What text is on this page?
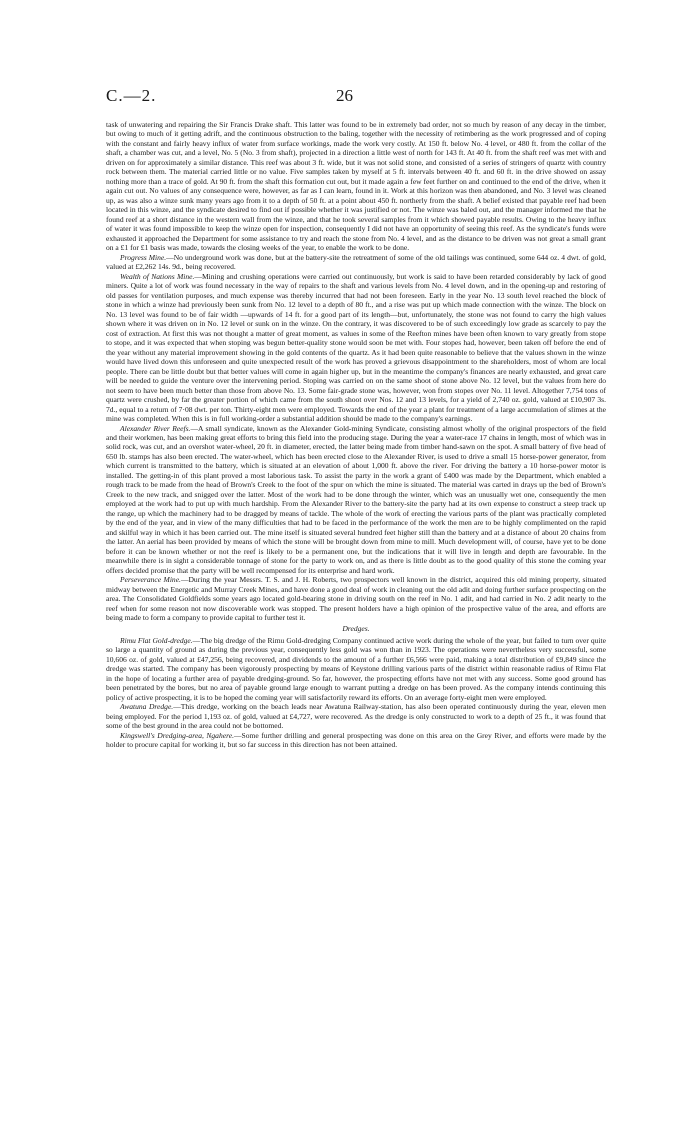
C.—2.	26

task of unwatering and repairing the Sir Francis Drake shaft. This latter was found to be in extremely bad order, not so much by reason of any decay in the timber, but owing to much of it getting adrift, and the continuous obstruction to the baling, together with the necessity of retimbering as the work progressed and of coping with the constant and fairly heavy influx of water from surface workings, made the work very costly. At 150 ft. below No. 4 level, or 480 ft. from the collar of the shaft, a chamber was cut, and a level, No. 5 (No. 3 from shaft), projected in a direction a little west of north for 143 ft. At 40 ft. from the shaft reef was met with and driven on for approximately a similar distance. This reef was about 3 ft. wide, but it was not solid stone, and consisted of a series of stringers of quartz with country rock between them. The material carried little or no value. Five samples taken by myself at 5 ft. intervals between 40 ft. and 60 ft. in the drive showed on assay nothing more than a trace of gold. At 90 ft. from the shaft this formation cut out, but it made again a few feet further on and continued to the end of the drive, when it again cut out. No values of any consequence were, however, as far as I can learn, found in it. Work at this horizon was then abandoned, and No. 3 level was cleaned up, as was also a winze sunk many years ago from it to a depth of 50 ft. at a point about 450 ft. northerly from the shaft. A belief existed that payable reef had been located in this winze, and the syndicate desired to find out if possible whether it was justified or not. The winze was baled out, and the manager informed me that he found reef at a short distance in the western wall from the winze, and that he took several samples from it which showed payable results. Owing to the heavy influx of water it was found impossible to keep the winze open for inspection, consequently I did not have an opportunity of seeing this reef. As the syndicate's funds were exhausted it approached the Department for some assistance to try and reach the stone from No. 4 level, and as the distance to be driven was not great a small grant on a £1 for £1 basis was made, towards the closing weeks of the year, to enable the work to be done.

Progress Mine.—No underground work was done, but at the battery-site the retreatment of some of the old tailings was continued, some 644 oz. 4 dwt. of gold, valued at £2,262 14s. 9d., being recovered.

Wealth of Nations Mine.—Mining and crushing operations were carried out continuously, but work is said to have been retarded considerably by lack of good miners. Quite a lot of work was found necessary in the way of repairs to the shaft and various levels from No. 4 level down, and in the opening-up and restoring of old passes for ventilation purposes, and much expense was thereby incurred that had not been foreseen. Early in the year No. 13 south level reached the block of stone in which a winze had previously been sunk from No. 12 level to a depth of 80 ft., and a rise was put up which made connection with the winze. The block on No. 13 level was found to be of fair width —upwards of 14 ft. for a good part of its length—but, unfortunately, the stone was not found to carry the high values shown where it was driven on in No. 12 level or sunk on in the winze. On the contrary, it was discovered to be of such exceedingly low grade as scarcely to pay the cost of extraction. At first this was not thought a matter of great moment, as values in some of the Reefton mines have been often known to vary greatly from stope to stope, and it was expected that when stoping was begun better-quality stone would soon be met with. Four stopes had, however, been taken off before the end of the year without any material improvement showing in the gold contents of the quartz. As it had been quite reasonable to believe that the values shown in the winze would have lived down this unforeseen and quite unexpected result of the work has proved a grievous disappointment to the shareholders, most of whom are local people. There can be little doubt but that better values will come in again higher up, but in the meantime the company's finances are nearly exhausted, and great care will be needed to guide the venture over the intervening period. Stoping was carried on on the same shoot of stone above No. 12 level, but the values from here do not seem to have been much better than those from above No. 13. Some fair-grade stone was, however, won from stopes over No. 11 level. Altogether 7,754 tons of quartz were crushed, by far the greater portion of which came from the south shoot over Nos. 12 and 13 levels, for a yield of 2,740 oz. gold, valued at £10,907 3s. 7d., equal to a return of 7·08 dwt. per ton. Thirty-eight men were employed. Towards the end of the year a plant for treatment of a large accumulation of slimes at the mine was completed. When this is in full working-order a substantial addition should be made to the company's earnings.

Alexander River Reefs.—A small syndicate, known as the Alexander Gold-mining Syndicate, consisting almost wholly of the original prospectors of the field and their workmen, has been making great efforts to bring this field into the producing stage. During the year a water-race 17 chains in length, most of which was in solid rock, was cut, and an overshot water-wheel, 20 ft. in diameter, erected, the latter being made from timber hand-sawn on the spot. A small battery of five head of 650 lb. stamps has also been erected. The water-wheel, which has been erected close to the Alexander River, is used to drive a small 15 horse-power generator, from which current is transmitted to the battery, which is situated at an elevation of about 1,000 ft. above the river. For driving the battery a 10 horse-power motor is installed. The getting-in of this plant proved a most laborious task. To assist the party in the work a grant of £400 was made by the Department, which enabled a rough track to be made from the head of Brown's Creek to the foot of the spur on which the mine is situated. The material was carted in drays up the bed of Brown's Creek to the new track, and snigged over the latter. Most of the work had to be done through the winter, which was an unusually wet one, consequently the men employed at the work had to put up with much hardship. From the Alexander River to the battery-site the party had at its own expense to construct a steep track up the range, up which the machinery had to be dragged by means of tackle. The whole of the work of erecting the various parts of the plant was practically completed by the end of the year, and in view of the many difficulties that had to be faced in the performance of the work the men are to be highly complimented on the rapid and skilful way in which it has been carried out. The mine itself is situated several hundred feet higher still than the battery and at a distance of about 20 chains from the latter. An aerial has been provided by means of which the stone will be brought down from mine to mill. Much development will, of course, have yet to be done before it can be known whether or not the reef is likely to be a permanent one, but the indications that it will live in length and depth are favourable. In the meanwhile there is in sight a considerable tonnage of stone for the party to work on, and as there is little doubt as to the good quality of this stone the coming year offers decided promise that the party will be well recompensed for its enterprise and hard work.

Perseverance Mine.—During the year Messrs. T. S. and J. H. Roberts, two prospectors well known in the district, acquired this old mining property, situated midway between the Energetic and Murray Creek Mines, and have done a good deal of work in cleaning out the old adit and doing further surface prospecting on the area. The Consolidated Goldfields some years ago located gold-bearing stone in driving south on the reef in No. 1 adit, and had carried in No. 2 adit nearly to the reef when for some reason not now discoverable work was stopped. The present holders have a high opinion of the prospective value of the area, and efforts are being made to form a company to provide capital to further test it.

Dredges.

Rimu Flat Gold-dredge.—The big dredge of the Rimu Gold-dredging Company continued active work during the whole of the year, but failed to turn over quite so large a quantity of ground as during the previous year, consequently less gold was won than in 1923. The operations were nevertheless very successful, some 10,606 oz. of gold, valued at £47,256, being recovered, and dividends to the amount of a further £6,566 were paid, making a total distribution of £9,849 since the dredge was started. The company has been vigorously prospecting by means of Keystone drilling various parts of the district within reasonable radius of Rimu Flat in the hope of locating a further area of payable dredging-ground. So far, however, the prospecting efforts have not met with any success. Some good ground has been penetrated by the bores, but no area of payable ground large enough to warrant putting a dredge on has been proved. As the company intends continuing this policy of active prospecting, it is to be hoped the coming year will satisfactorily reward its efforts. On an average forty-eight men were employed.

Awatuna Dredge.—This dredge, working on the beach leads near Awatuna Railway-station, has also been operated continuously during the year, eleven men being employed. For the period 1,193 oz. of gold, valued at £4,727, were recovered. As the dredge is only constructed to work to a depth of 25 ft., it was found that some of the best ground in the area could not be bottomed.

Kingswell's Dredging-area, Ngahere.—Some further drilling and general prospecting was done on this area on the Grey River, and efforts were made by the holder to procure capital for working it, but so far success in this direction has not been attained.
